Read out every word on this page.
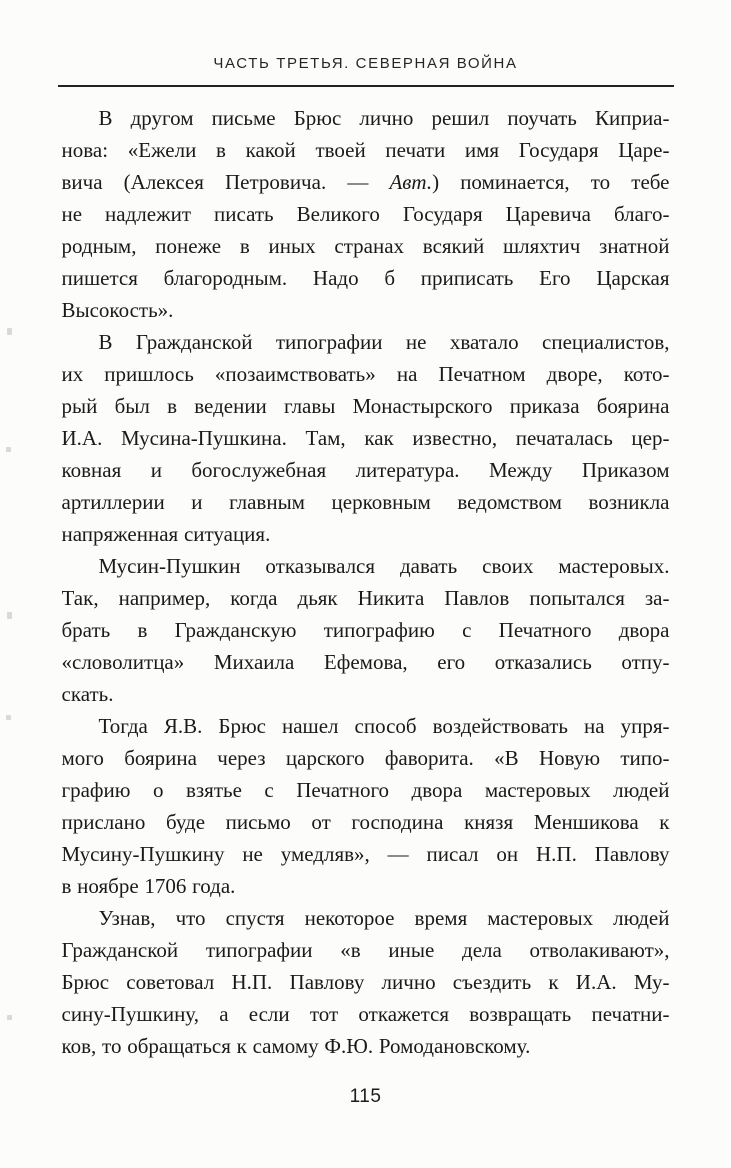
ЧАСТЬ ТРЕТЬЯ. СЕВЕРНАЯ ВОЙНА
В другом письме Брюс лично решил поучать Киприа-
нова: «Ежели в какой твоей печати имя Государя Царе-
вича (Алексея Петровича. — Авт.) поминается, то тебе
не надлежит писать Великого Государя Царевича благо-
родным, понеже в иных странах всякий шляхтич знатной
пишется благородным. Надо б приписать Его Царская
Высокость».
В Гражданской типографии не хватало специалистов,
их пришлось «позаимствовать» на Печатном дворе, кото-
рый был в ведении главы Монастырского приказа боярина
И.А. Мусина-Пушкина. Там, как известно, печаталась цер-
ковная и богослужебная литература. Между Приказом
артиллерии и главным церковным ведомством возникла
напряженная ситуация.
Мусин-Пушкин отказывался давать своих мастеровых.
Так, например, когда дьяк Никита Павлов попытался за-
брать в Гражданскую типографию с Печатного двора
«словолитца» Михаила Ефемова, его отказались отпу-
скать.
Тогда Я.В. Брюс нашел способ воздействовать на упря-
мого боярина через царского фаворита. «В Новую типо-
графию о взятье с Печатного двора мастеровых людей
прислано буде письмо от господина князя Меншикова к
Мусину-Пушкину не умедляв», — писал он Н.П. Павлову
в ноябре 1706 года.
Узнав, что спустя некоторое время мастеровых людей
Гражданской типографии «в иные дела отволакивают»,
Брюс советовал Н.П. Павлову лично съездить к И.А. Му-
сину-Пушкину, а если тот откажется возвращать печатни-
ков, то обращаться к самому Ф.Ю. Ромодановскому.
115
